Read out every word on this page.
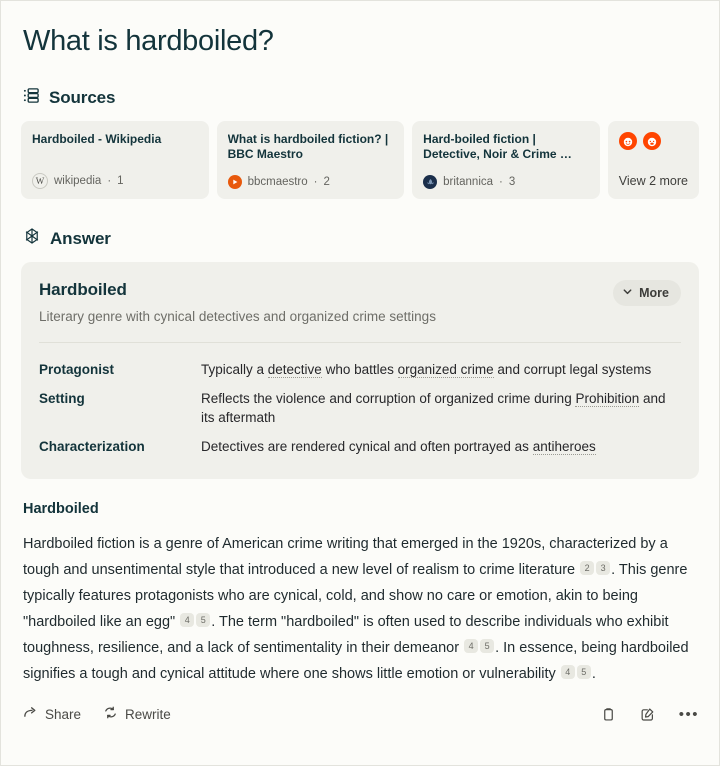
What is hardboiled?
Sources
Hardboiled - Wikipedia
W wikipedia · 1
What is hardboiled fiction? | BBC Maestro
bbcmaestro · 2
Hard-boiled fiction | Detective, Noir & Crime …
britannica · 3	View 2 more
Answer
Hardboiled
Literary genre with cynical detectives and organized crime settings
More
Protagonist	Typically a detective who battles organized crime and corrupt legal systems
Setting	Reflects the violence and corruption of organized crime during Prohibition and its aftermath
Characterization	Detectives are rendered cynical and often portrayed as antiheroes
Hardboiled
Hardboiled fiction is a genre of American crime writing that emerged in the 1920s, characterized by a tough and unsentimental style that introduced a new level of realism to crime literature 2 3 . This genre typically features protagonists who are cynical, cold, and show no care or emotion, akin to being "hardboiled like an egg" 4 5 . The term "hardboiled" is often used to describe individuals who exhibit toughness, resilience, and a lack of sentimentality in their demeanor 4 5 . In essence, being hardboiled signifies a tough and cynical attitude where one shows little emotion or vulnerability 4 5 .
Share	Rewrite	•••
